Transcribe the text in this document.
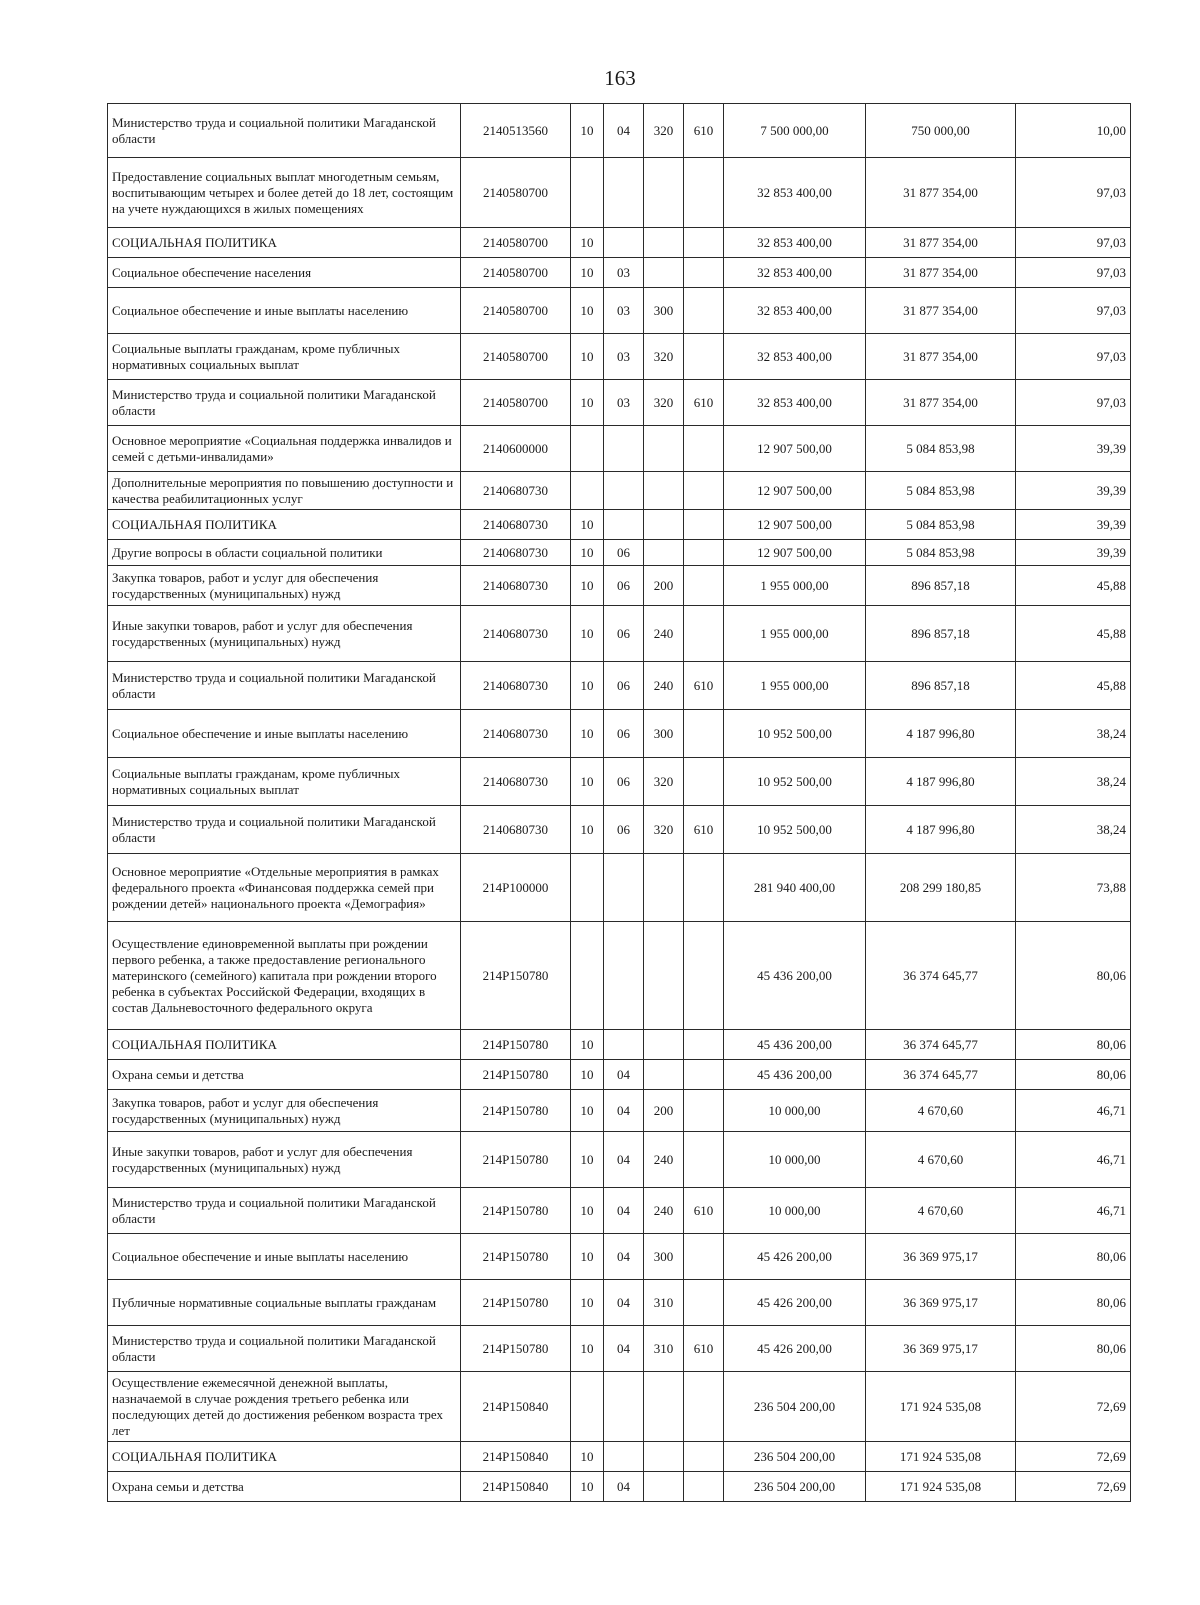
163
Министерство труда и социальной политики Магаданской области	2140513560	10	04	320	610	7 500 000,00	750 000,00	10,00
Предоставление социальных выплат многодетным семьям, воспитывающим четырех и более детей до 18 лет, состоящим на учете нуждающихся в жилых помещениях	2140580700					32 853 400,00	31 877 354,00	97,03
СОЦИАЛЬНАЯ ПОЛИТИКА	2140580700	10				32 853 400,00	31 877 354,00	97,03
Социальное обеспечение населения	2140580700	10	03			32 853 400,00	31 877 354,00	97,03
Социальное обеспечение и иные выплаты населению	2140580700	10	03	300		32 853 400,00	31 877 354,00	97,03
Социальные выплаты гражданам, кроме публичных нормативных социальных выплат	2140580700	10	03	320		32 853 400,00	31 877 354,00	97,03
Министерство труда и социальной политики Магаданской области	2140580700	10	03	320	610	32 853 400,00	31 877 354,00	97,03
Основное мероприятие «Социальная поддержка инвалидов и семей с детьми-инвалидами»	2140600000					12 907 500,00	5 084 853,98	39,39
Дополнительные мероприятия по повышению доступности и качества реабилитационных услуг	2140680730					12 907 500,00	5 084 853,98	39,39
СОЦИАЛЬНАЯ ПОЛИТИКА	2140680730	10				12 907 500,00	5 084 853,98	39,39
Другие вопросы в области социальной политики	2140680730	10	06			12 907 500,00	5 084 853,98	39,39
Закупка товаров, работ и услуг для обеспечения государственных (муниципальных) нужд	2140680730	10	06	200		1 955 000,00	896 857,18	45,88
Иные закупки товаров, работ и услуг для обеспечения государственных (муниципальных) нужд	2140680730	10	06	240		1 955 000,00	896 857,18	45,88
Министерство труда и социальной политики Магаданской области	2140680730	10	06	240	610	1 955 000,00	896 857,18	45,88
Социальное обеспечение и иные выплаты населению	2140680730	10	06	300		10 952 500,00	4 187 996,80	38,24
Социальные выплаты гражданам, кроме публичных нормативных социальных выплат	2140680730	10	06	320		10 952 500,00	4 187 996,80	38,24
Министерство труда и социальной политики Магаданской области	2140680730	10	06	320	610	10 952 500,00	4 187 996,80	38,24
Основное мероприятие «Отдельные мероприятия в рамках федерального проекта «Финансовая поддержка семей при рождении детей» национального проекта «Демография»	214P100000					281 940 400,00	208 299 180,85	73,88
Осуществление единовременной выплаты при рождении первого ребенка, а также предоставление регионального материнского (семейного) капитала при рождении второго ребенка в субъектах Российской Федерации, входящих в состав Дальневосточного федерального округа	214P150780					45 436 200,00	36 374 645,77	80,06
СОЦИАЛЬНАЯ ПОЛИТИКА	214P150780	10				45 436 200,00	36 374 645,77	80,06
Охрана семьи и детства	214P150780	10	04			45 436 200,00	36 374 645,77	80,06
Закупка товаров, работ и услуг для обеспечения государственных (муниципальных) нужд	214P150780	10	04	200		10 000,00	4 670,60	46,71
Иные закупки товаров, работ и услуг для обеспечения государственных (муниципальных) нужд	214P150780	10	04	240		10 000,00	4 670,60	46,71
Министерство труда и социальной политики Магаданской области	214P150780	10	04	240	610	10 000,00	4 670,60	46,71
Социальное обеспечение и иные выплаты населению	214P150780	10	04	300		45 426 200,00	36 369 975,17	80,06
Публичные нормативные социальные выплаты гражданам	214P150780	10	04	310		45 426 200,00	36 369 975,17	80,06
Министерство труда и социальной политики Магаданской области	214P150780	10	04	310	610	45 426 200,00	36 369 975,17	80,06
Осуществление ежемесячной денежной выплаты, назначаемой в случае рождения третьего ребенка или последующих детей до достижения ребенком возраста трех лет	214P150840					236 504 200,00	171 924 535,08	72,69
СОЦИАЛЬНАЯ ПОЛИТИКА	214P150840	10				236 504 200,00	171 924 535,08	72,69
Охрана семьи и детства	214P150840	10	04			236 504 200,00	171 924 535,08	72,69
